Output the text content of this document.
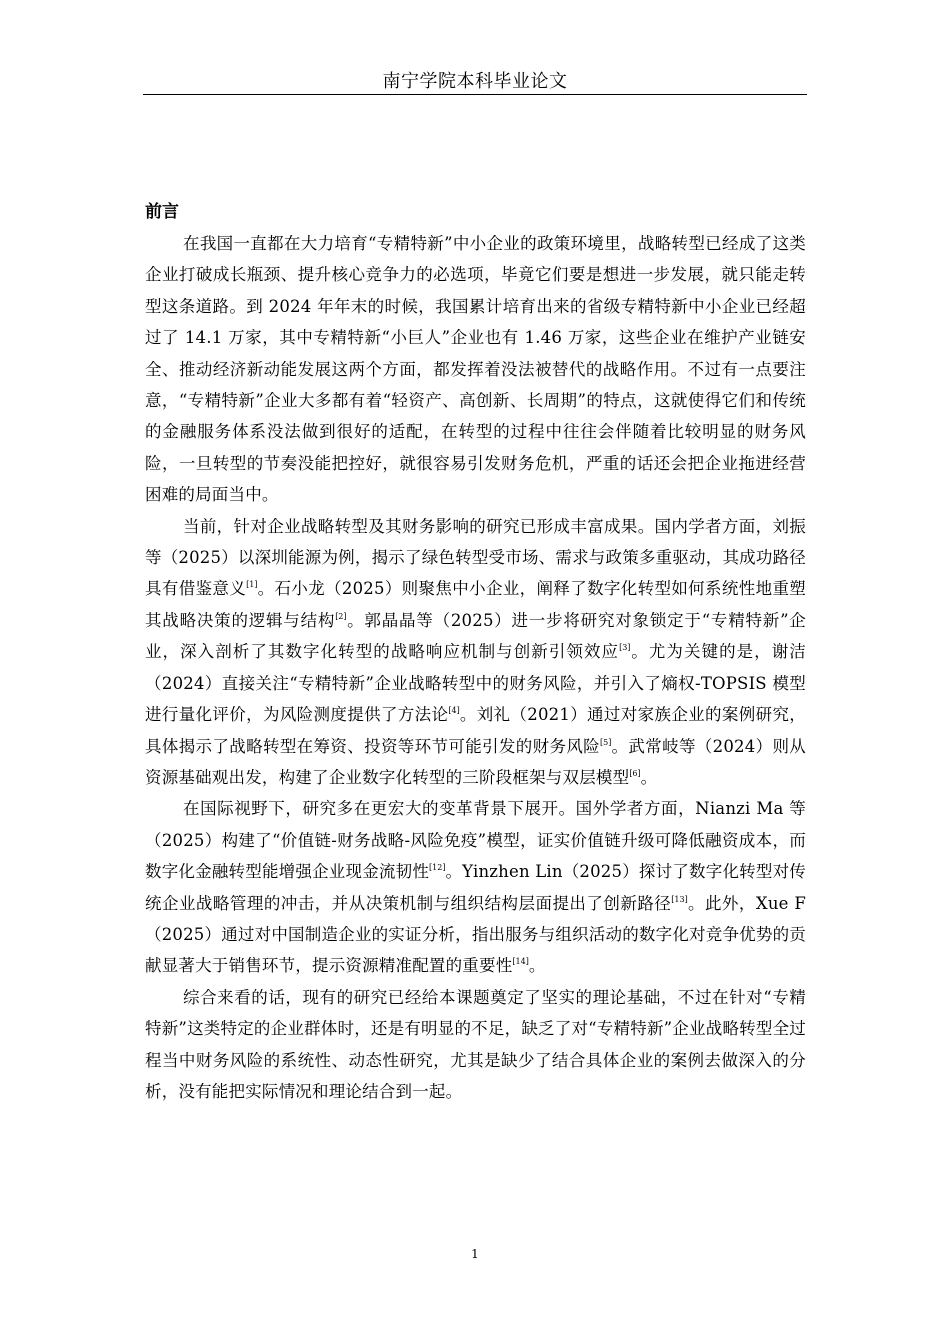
南宁学院本科毕业论文
前言

在我国一直都在大力培育“专精特新”中小企业的政策环境里，战略转型已经成了这类企业打破成长瓶颈、提升核心竞争力的必选项，毕竟它们要是想进一步发展，就只能走转型这条道路。到 2024 年年末的时候，我国累计培育出来的省级专精特新中小企业已经超过了 14.1 万家，其中专精特新“小巨人”企业也有 1.46 万家，这些企业在维护产业链安全、推动经济新动能发展这两个方面，都发挥着没法被替代的战略作用。不过有一点要注意，“专精特新”企业大多都有着“轻资产、高创新、长周期”的特点，这就使得它们和传统的金融服务体系没法做到很好的适配，在转型的过程中往往会伴随着比较明显的财务风险，一旦转型的节奏没能把控好，就很容易引发财务危机，严重的话还会把企业拖进经营困难的局面当中。

当前，针对企业战略转型及其财务影响的研究已形成丰富成果。国内学者方面，刘振等（2025）以深圳能源为例，揭示了绿色转型受市场、需求与政策多重驱动，其成功路径具有借鉴意义[1]。石小龙（2025）则聚焦中小企业，阐释了数字化转型如何系统性地重塑其战略决策的逻辑与结构[2]。郭晶晶等（2025）进一步将研究对象锁定于“专精特新”企业，深入剖析了其数字化转型的战略响应机制与创新引领效应[3]。尤为关键的是，谢洁（2024）直接关注“专精特新”企业战略转型中的财务风险，并引入了熵权-TOPSIS 模型进行量化评价，为风险测度提供了方法论[4]。刘礼（2021）通过对家族企业的案例研究，具体揭示了战略转型在筹资、投资等环节可能引发的财务风险[5]。武常岐等（2024）则从资源基础观出发，构建了企业数字化转型的三阶段框架与双层模型[6]。

在国际视野下，研究多在更宏大的变革背景下展开。国外学者方面，Nianzi Ma 等（2025）构建了“价值链-财务战略-风险免疫”模型，证实价值链升级可降低融资成本，而数字化金融转型能增强企业现金流韧性[12]。Yinzhen Lin（2025）探讨了数字化转型对传统企业战略管理的冲击，并从决策机制与组织结构层面提出了创新路径[13]。此外，Xue F（2025）通过对中国制造企业的实证分析，指出服务与组织活动的数字化对竞争优势的贡献显著大于销售环节，提示资源精准配置的重要性[14]。

综合来看的话，现有的研究已经给本课题奠定了坚实的理论基础，不过在针对“专精特新”这类特定的企业群体时，还是有明显的不足，缺乏了对“专精特新”企业战略转型全过程当中财务风险的系统性、动态性研究，尤其是缺少了结合具体企业的案例去做深入的分析，没有能把实际情况和理论结合到一起。

1
